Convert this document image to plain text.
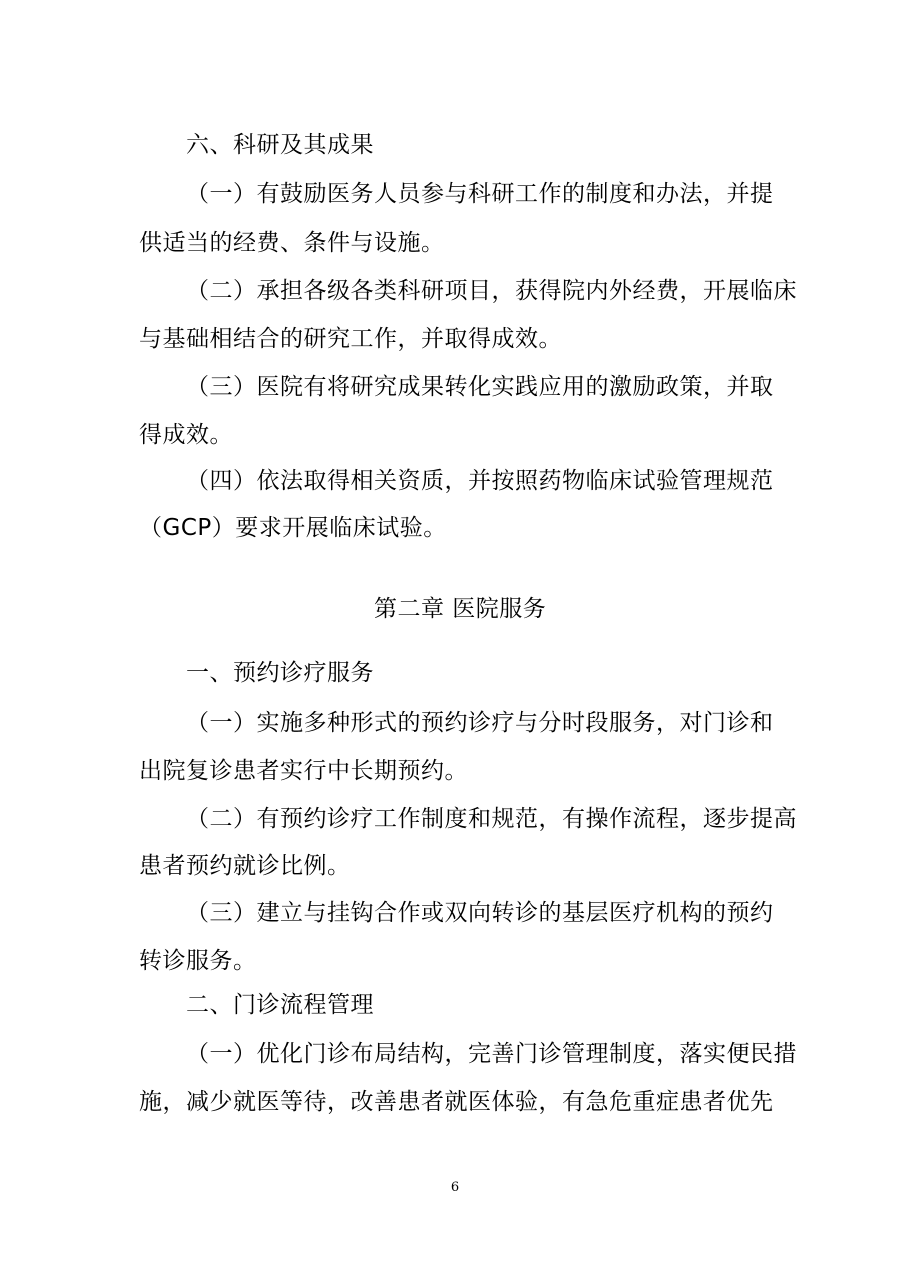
六、科研及其成果
（一）有鼓励医务人员参与科研工作的制度和办法，并提
供适当的经费、条件与设施。
（二）承担各级各类科研项目，获得院内外经费，开展临床
与基础相结合的研究工作，并取得成效。
（三）医院有将研究成果转化实践应用的激励政策，并取
得成效。
（四）依法取得相关资质，并按照药物临床试验管理规范
（GCP）要求开展临床试验。
第二章 医院服务
一、预约诊疗服务
（一）实施多种形式的预约诊疗与分时段服务，对门诊和
出院复诊患者实行中长期预约。
（二）有预约诊疗工作制度和规范，有操作流程，逐步提高
患者预约就诊比例。
（三）建立与挂钩合作或双向转诊的基层医疗机构的预约
转诊服务。
二、门诊流程管理
（一）优化门诊布局结构，完善门诊管理制度，落实便民措
施，减少就医等待，改善患者就医体验，有急危重症患者优先
6
